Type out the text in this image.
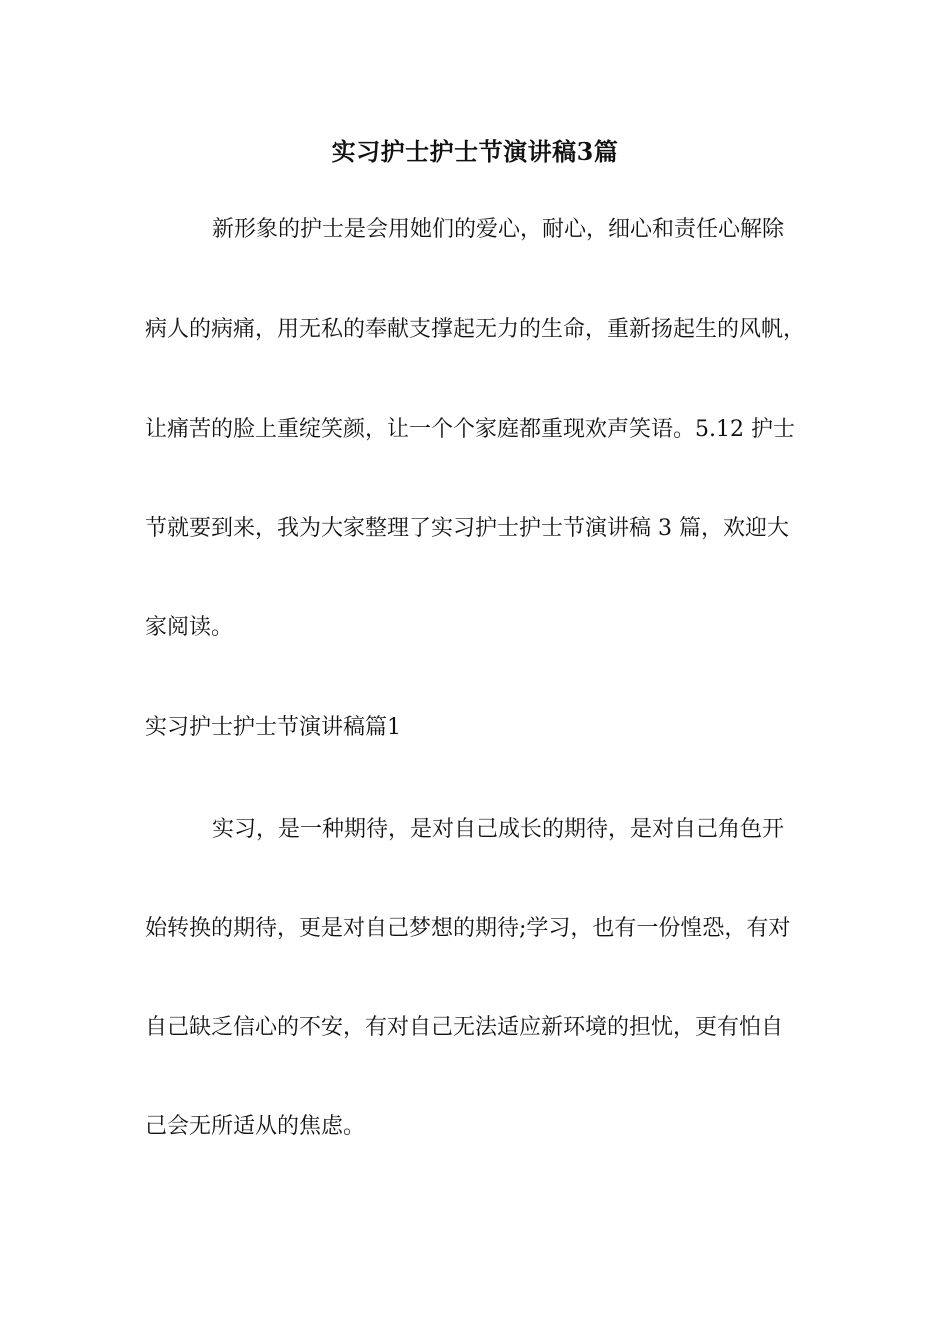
实习护士护士节演讲稿3篇
新形象的护士是会用她们的爱心，耐心，细心和责任心解除
病人的病痛，用无私的奉献支撑起无力的生命，重新扬起生的风帆，
让痛苦的脸上重绽笑颜，让一个个家庭都重现欢声笑语。5.12 护士
节就要到来，我为大家整理了实习护士护士节演讲稿 3 篇，欢迎大
家阅读。
实习护士护士节演讲稿篇1
实习，是一种期待，是对自己成长的期待，是对自己角色开
始转换的期待，更是对自己梦想的期待;学习，也有一份惶恐，有对
自己缺乏信心的不安，有对自己无法适应新环境的担忧，更有怕自
己会无所适从的焦虑。
